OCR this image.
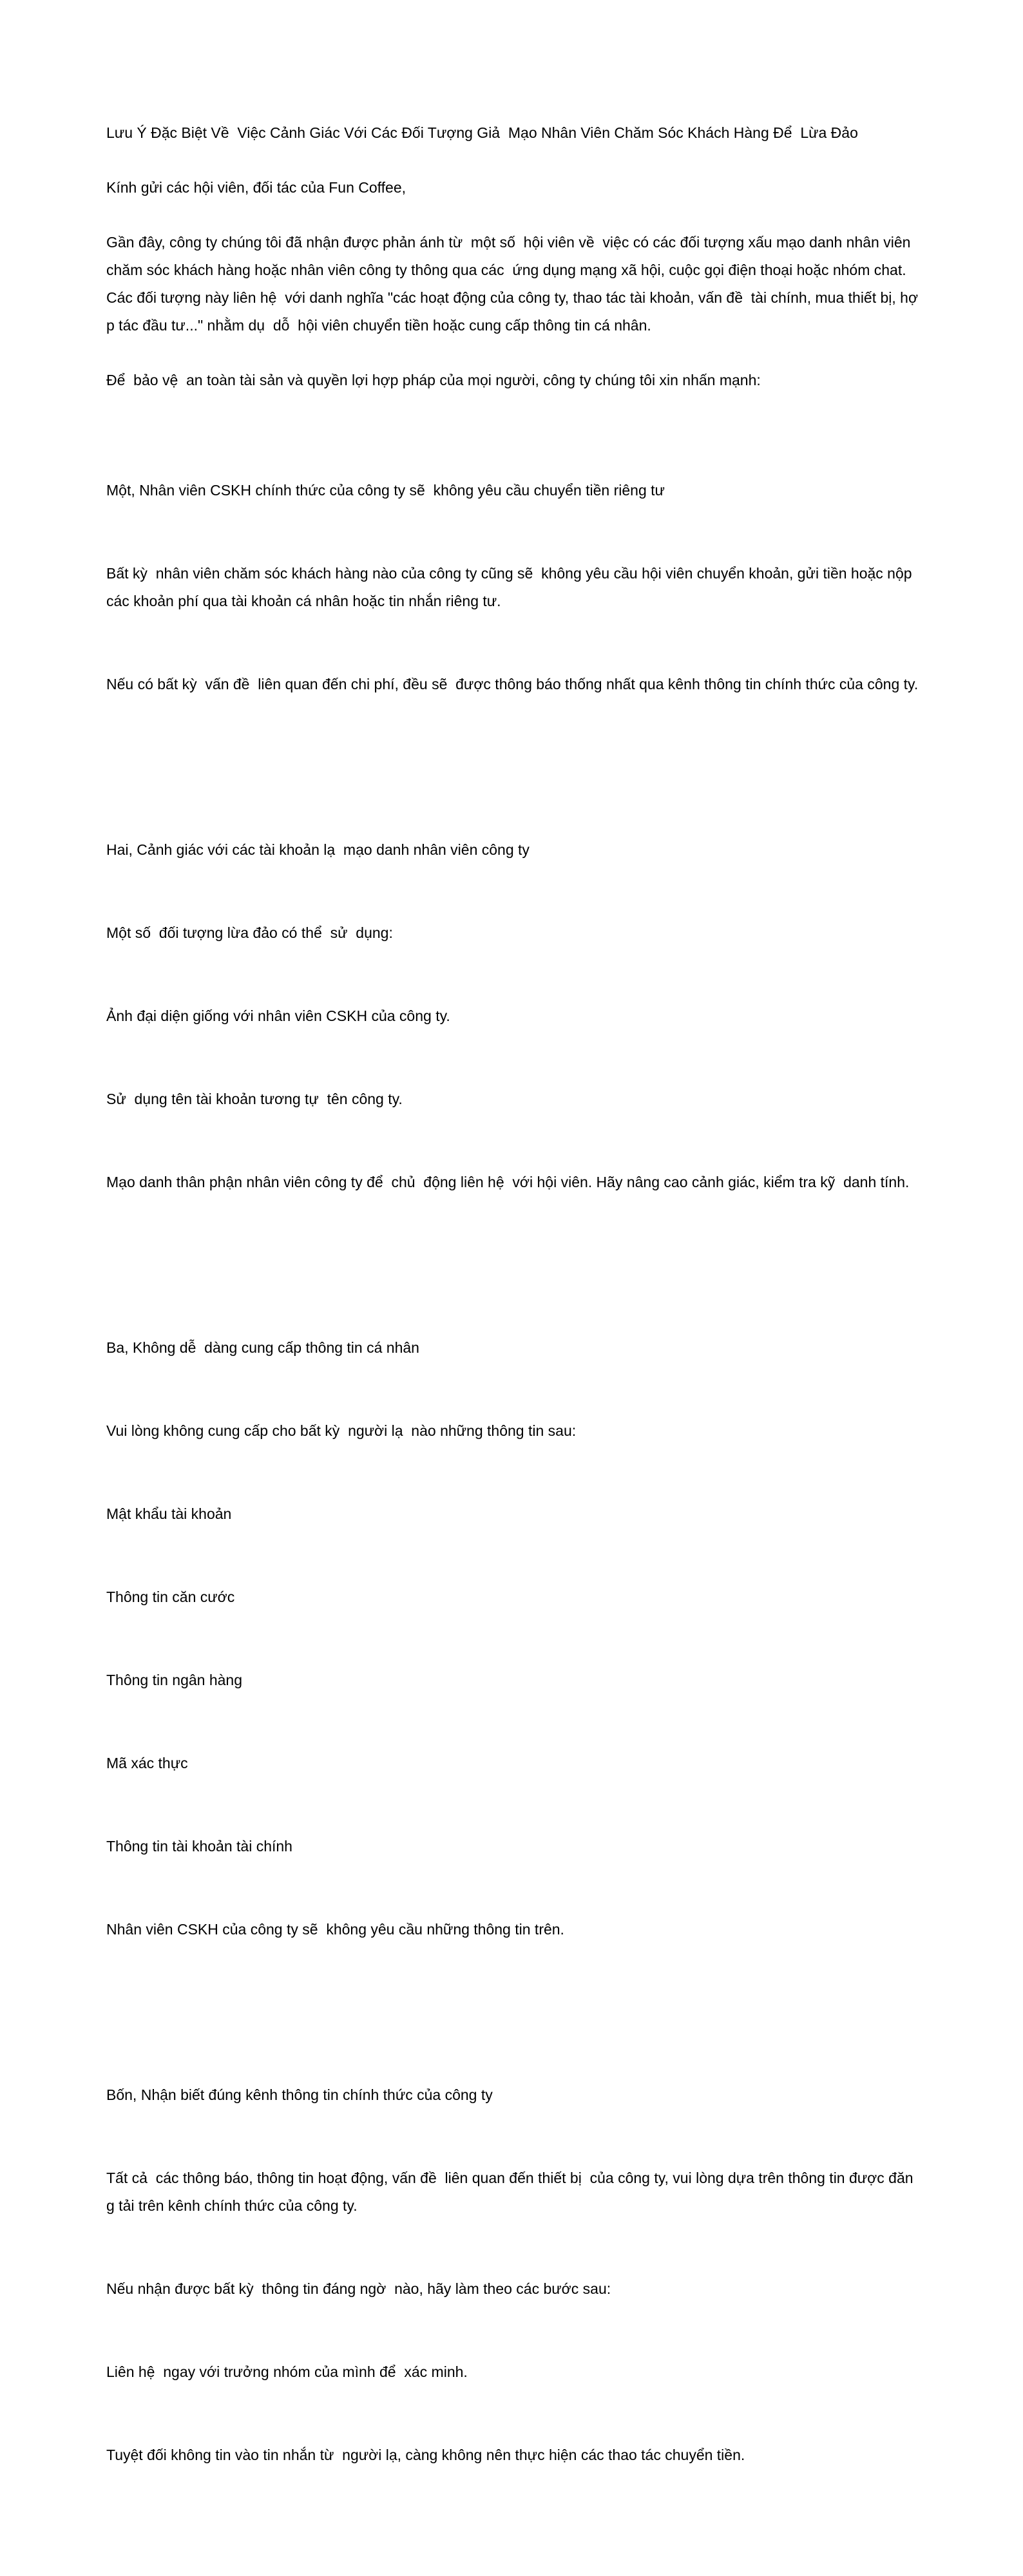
Lưu Ý Đặc Biệt Về  Việc Cảnh Giác Với Các Đối Tượng Giả  Mạo Nhân Viên Chăm Sóc Khách Hàng Để  Lừa Đảo

Kính gửi các hội viên, đối tác của Fun Coffee,

Gần đây, công ty chúng tôi đã nhận được phản ánh từ  một số  hội viên về  việc có các đối tượng xấu mạo danh nhân viên chăm sóc khách hàng hoặc nhân viên công ty thông qua các  ứng dụng mạng xã hội, cuộc gọi điện thoại hoặc nhóm chat. Các đối tượng này liên hệ  với danh nghĩa "các hoạt động của công ty, thao tác tài khoản, vấn đề  tài chính, mua thiết bị, hợp tác đầu tư..." nhằm dụ  dỗ  hội viên chuyển tiền hoặc cung cấp thông tin cá nhân.

Để  bảo vệ  an toàn tài sản và quyền lợi hợp pháp của mọi người, công ty chúng tôi xin nhấn mạnh:

Một, Nhân viên CSKH chính thức của công ty sẽ  không yêu cầu chuyển tiền riêng tư

Bất kỳ  nhân viên chăm sóc khách hàng nào của công ty cũng sẽ  không yêu cầu hội viên chuyển khoản, gửi tiền hoặc nộp các khoản phí qua tài khoản cá nhân hoặc tin nhắn riêng tư.

Nếu có bất kỳ  vấn đề  liên quan đến chi phí, đều sẽ  được thông báo thống nhất qua kênh thông tin chính thức của công ty.

Hai, Cảnh giác với các tài khoản lạ  mạo danh nhân viên công ty

Một số  đối tượng lừa đảo có thể  sử  dụng:

Ảnh đại diện giống với nhân viên CSKH của công ty.

Sử  dụng tên tài khoản tương tự  tên công ty.

Mạo danh thân phận nhân viên công ty để  chủ  động liên hệ  với hội viên. Hãy nâng cao cảnh giác, kiểm tra kỹ  danh tính.

Ba, Không dễ  dàng cung cấp thông tin cá nhân

Vui lòng không cung cấp cho bất kỳ  người lạ  nào những thông tin sau:

Mật khẩu tài khoản

Thông tin căn cước

Thông tin ngân hàng

Mã xác thực

Thông tin tài khoản tài chính

Nhân viên CSKH của công ty sẽ  không yêu cầu những thông tin trên.

Bốn, Nhận biết đúng kênh thông tin chính thức của công ty

Tất cả  các thông báo, thông tin hoạt động, vấn đề  liên quan đến thiết bị  của công ty, vui lòng dựa trên thông tin được đăng tải trên kênh chính thức của công ty.

Nếu nhận được bất kỳ  thông tin đáng ngờ  nào, hãy làm theo các bước sau:

Liên hệ  ngay với trưởng nhóm của mình để  xác minh.

Tuyệt đối không tin vào tin nhắn từ  người lạ, càng không nên thực hiện các thao tác chuyển tiền.
